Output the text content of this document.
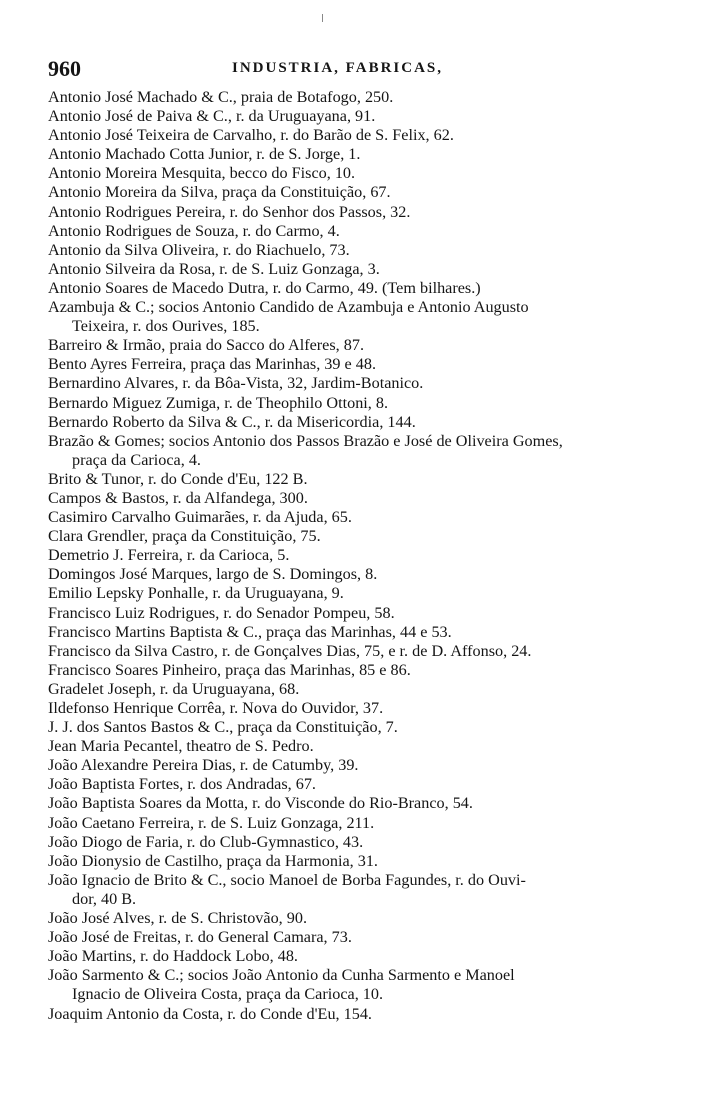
960	INDUSTRIA, FABRICAS,
Antonio José Machado & C., praia de Botafogo, 250.
Antonio José de Paiva & C., r. da Uruguayana, 91.
Antonio José Teixeira de Carvalho, r. do Barão de S. Felix, 62.
Antonio Machado Cotta Junior, r. de S. Jorge, 1.
Antonio Moreira Mesquita, becco do Fisco, 10.
Antonio Moreira da Silva, praça da Constituição, 67.
Antonio Rodrigues Pereira, r. do Senhor dos Passos, 32.
Antonio Rodrigues de Souza, r. do Carmo, 4.
Antonio da Silva Oliveira, r. do Riachuelo, 73.
Antonio Silveira da Rosa, r. de S. Luiz Gonzaga, 3.
Antonio Soares de Macedo Dutra, r. do Carmo, 49. (Tem bilhares.)
Azambuja & C.; socios Antonio Candido de Azambuja e Antonio Augusto
Teixeira, r. dos Ourives, 185.
Barreiro & Irmão, praia do Sacco do Alferes, 87.
Bento Ayres Ferreira, praça das Marinhas, 39 e 48.
Bernardino Alvares, r. da Bôa-Vista, 32, Jardim-Botanico.
Bernardo Miguez Zumiga, r. de Theophilo Ottoni, 8.
Bernardo Roberto da Silva & C., r. da Misericordia, 144.
Brazão & Gomes; socios Antonio dos Passos Brazão e José de Oliveira Gomes,
praça da Carioca, 4.
Brito & Tunor, r. do Conde d'Eu, 122 B.
Campos & Bastos, r. da Alfandega, 300.
Casimiro Carvalho Guimarães, r. da Ajuda, 65.
Clara Grendler, praça da Constituição, 75.
Demetrio J. Ferreira, r. da Carioca, 5.
Domingos José Marques, largo de S. Domingos, 8.
Emilio Lepsky Ponhalle, r. da Uruguayana, 9.
Francisco Luiz Rodrigues, r. do Senador Pompeu, 58.
Francisco Martins Baptista & C., praça das Marinhas, 44 e 53.
Francisco da Silva Castro, r. de Gonçalves Dias, 75, e r. de D. Affonso, 24.
Francisco Soares Pinheiro, praça das Marinhas, 85 e 86.
Gradelet Joseph, r. da Uruguayana, 68.
Ildefonso Henrique Corrêa, r. Nova do Ouvidor, 37.
J. J. dos Santos Bastos & C., praça da Constituição, 7.
Jean Maria Pecantel, theatro de S. Pedro.
João Alexandre Pereira Dias, r. de Catumby, 39.
João Baptista Fortes, r. dos Andradas, 67.
João Baptista Soares da Motta, r. do Visconde do Rio-Branco, 54.
João Caetano Ferreira, r. de S. Luiz Gonzaga, 211.
João Diogo de Faria, r. do Club-Gymnastico, 43.
João Dionysio de Castilho, praça da Harmonia, 31.
João Ignacio de Brito & C., socio Manoel de Borba Fagundes, r. do Ouvi-
dor, 40 B.
João José Alves, r. de S. Christovão, 90.
João José de Freitas, r. do General Camara, 73.
João Martins, r. do Haddock Lobo, 48.
João Sarmento & C.; socios João Antonio da Cunha Sarmento e Manoel
Ignacio de Oliveira Costa, praça da Carioca, 10.
Joaquim Antonio da Costa, r. do Conde d'Eu, 154.
